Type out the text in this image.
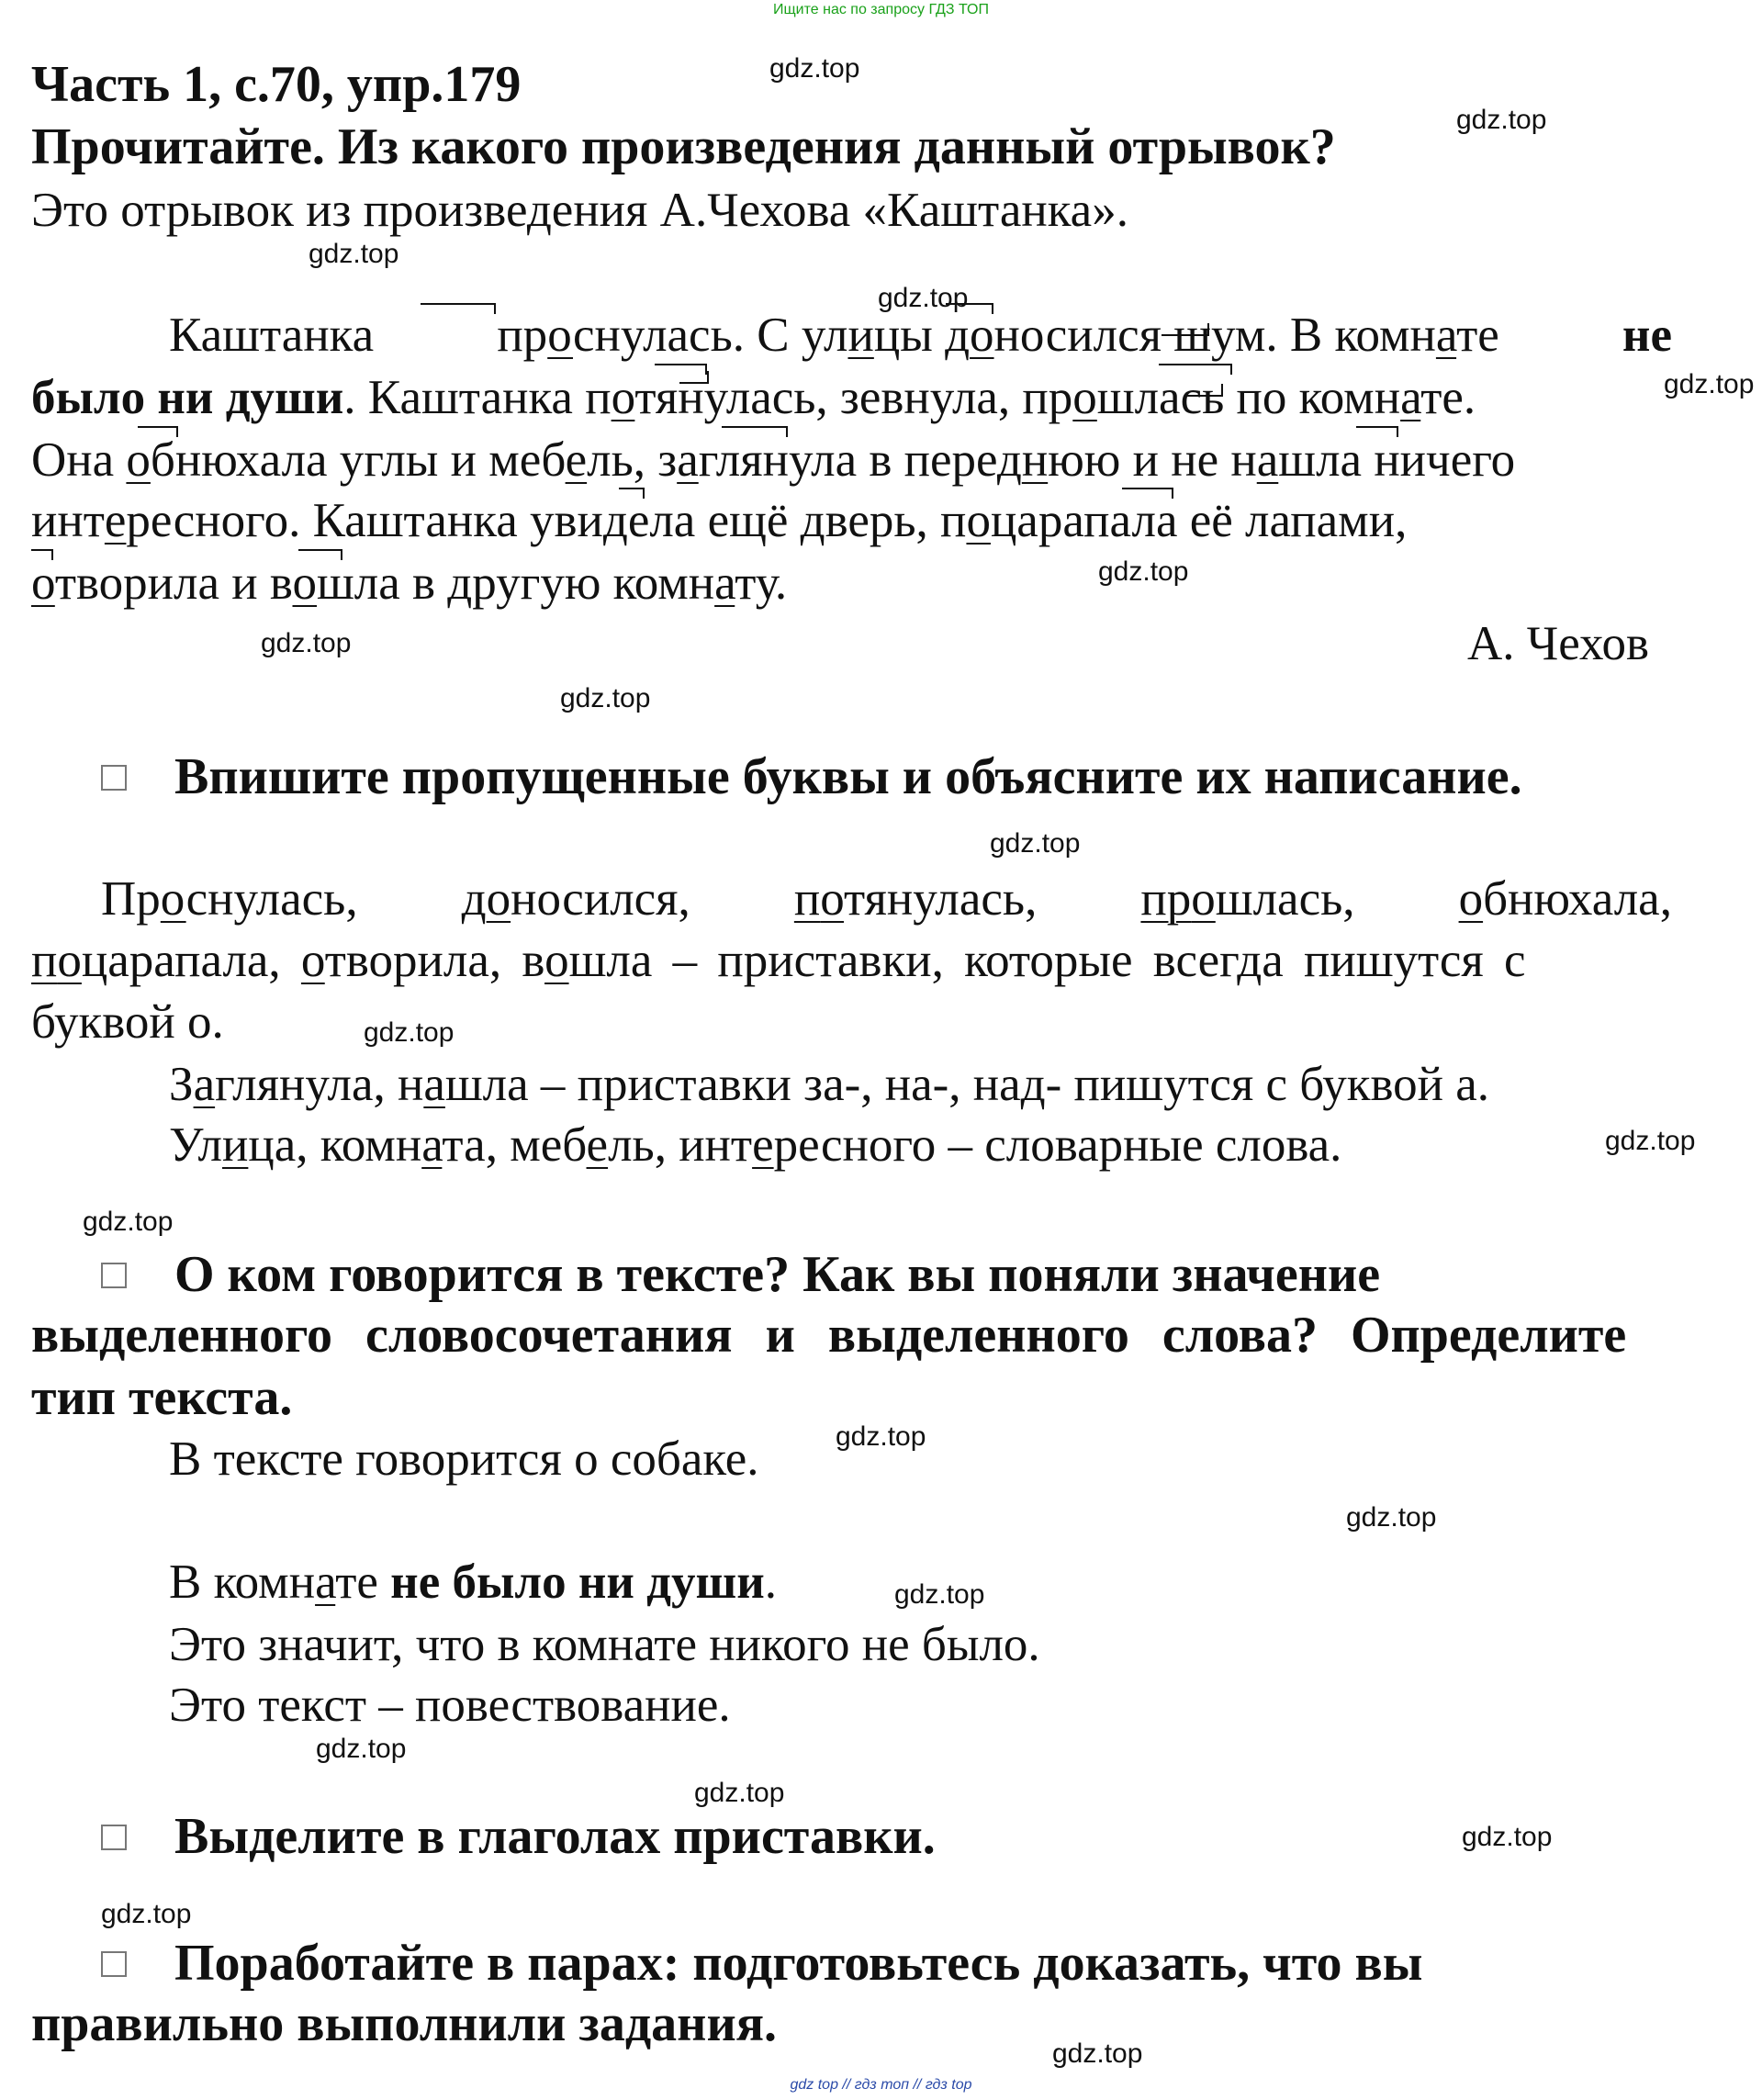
Ищите нас по запросу ГДЗ ТОП
gdz top // гдз топ // гдз top
Часть 1, с.70, упр.179
Прочитайте. Из какого произведения данный отрывок?
Это отрывок из произведения А.Чехова «Каштанка».
Каштанка	проснулась. С улицы доносился шум. В комнате	не
было ни души. Каштанка потянулась, зевнула, прошлась по комнате.
Она обнюхала углы и мебель, заглянула в переднюю и не нашла ничего
интересного. Каштанка увидела ещё дверь, поцарапала её лапами,
отворила и вошла в другую комнату.
А. Чехов
Впишите пропущенные буквы и объясните их написание.
Проснулась, доносился, потянулась, прошлась, обнюхала,
поцарапала, отворила, вошла – приставки, которые всегда пишутся с
буквой о.
Заглянула, нашла – приставки за-, на-, над- пишутся с буквой а.
Улица, комната, мебель, интересного – словарные слова.
О ком говорится в тексте? Как вы поняли значение
выделенного словосочетания и выделенного слова? Определите
тип текста.
В тексте говорится о собаке.
В комнате не было ни души.
Это значит, что в комнате никого не было.
Это текст – повествование.
Выделите в глаголах приставки.
Поработайте в парах: подготовьтесь доказать, что вы
правильно выполнили задания.
gdz.top
gdz.top
gdz.top
gdz.top
gdz.top
gdz.top
gdz.top
gdz.top
gdz.top
gdz.top
gdz.top
gdz.top
gdz.top
gdz.top
gdz.top
gdz.top
gdz.top
gdz.top
gdz.top
gdz.top
